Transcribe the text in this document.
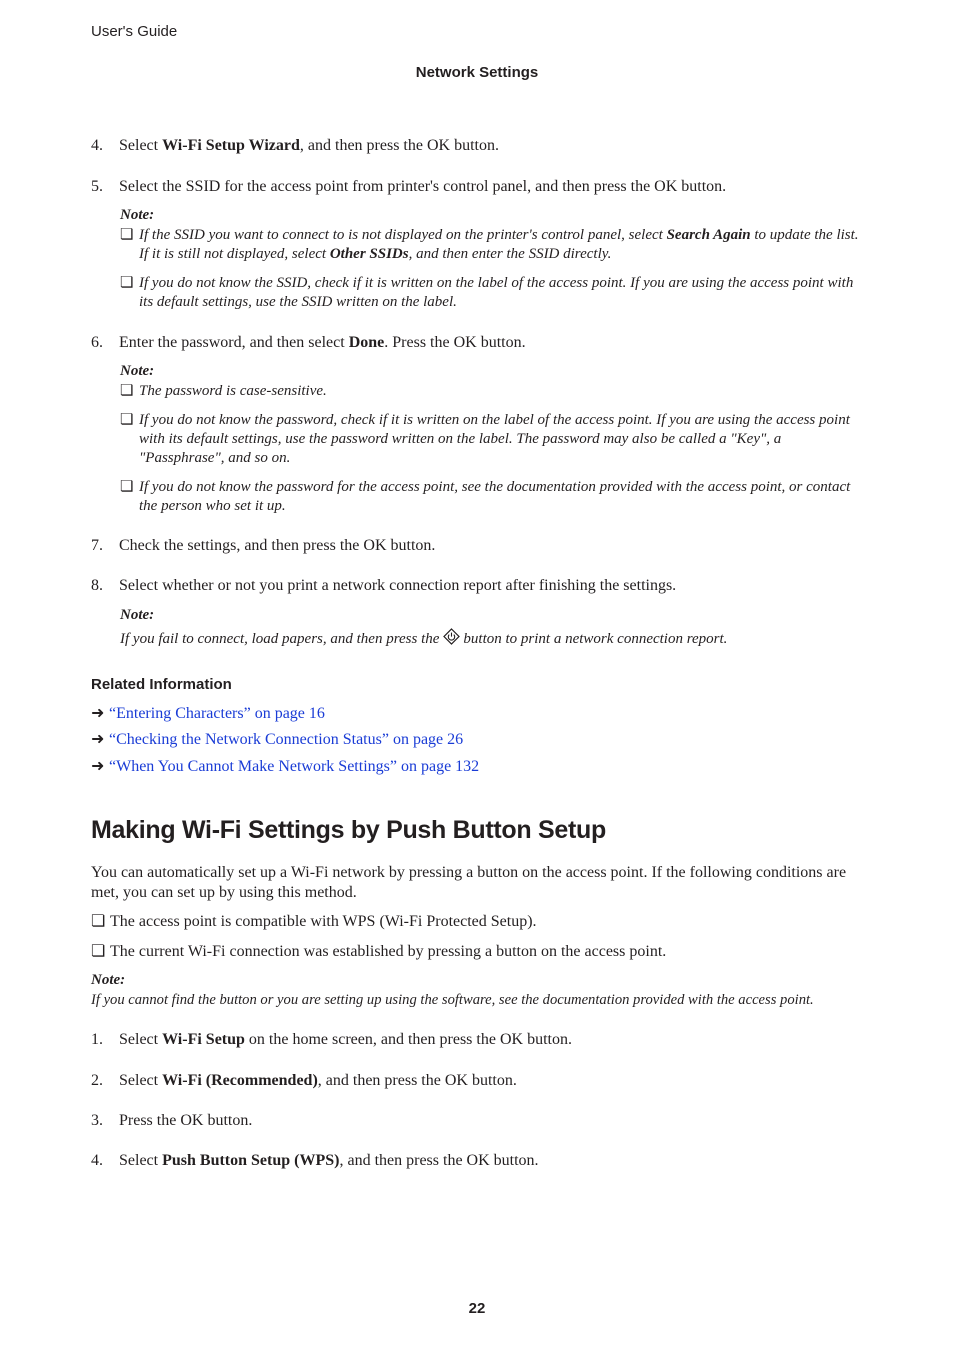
User's Guide
Network Settings
4. Select Wi-Fi Setup Wizard, and then press the OK button.
5. Select the SSID for the access point from printer's control panel, and then press the OK button.
Note:
❏ If the SSID you want to connect to is not displayed on the printer's control panel, select Search Again to update the list. If it is still not displayed, select Other SSIDs, and then enter the SSID directly.
❏ If you do not know the SSID, check if it is written on the label of the access point. If you are using the access point with its default settings, use the SSID written on the label.
6. Enter the password, and then select Done. Press the OK button.
Note:
❏ The password is case-sensitive.
❏ If you do not know the password, check if it is written on the label of the access point. If you are using the access point with its default settings, use the password written on the label. The password may also be called a "Key", a "Passphrase", and so on.
❏ If you do not know the password for the access point, see the documentation provided with the access point, or contact the person who set it up.
7. Check the settings, and then press the OK button.
8. Select whether or not you print a network connection report after finishing the settings.
Note:
If you fail to connect, load papers, and then press the button to print a network connection report.
Related Information
➜ “Entering Characters” on page 16
➜ “Checking the Network Connection Status” on page 26
➜ “When You Cannot Make Network Settings” on page 132
Making Wi-Fi Settings by Push Button Setup
You can automatically set up a Wi-Fi network by pressing a button on the access point. If the following conditions are met, you can set up by using this method.
❏ The access point is compatible with WPS (Wi-Fi Protected Setup).
❏ The current Wi-Fi connection was established by pressing a button on the access point.
Note:
If you cannot find the button or you are setting up using the software, see the documentation provided with the access point.
1. Select Wi-Fi Setup on the home screen, and then press the OK button.
2. Select Wi-Fi (Recommended), and then press the OK button.
3. Press the OK button.
4. Select Push Button Setup (WPS), and then press the OK button.
22
